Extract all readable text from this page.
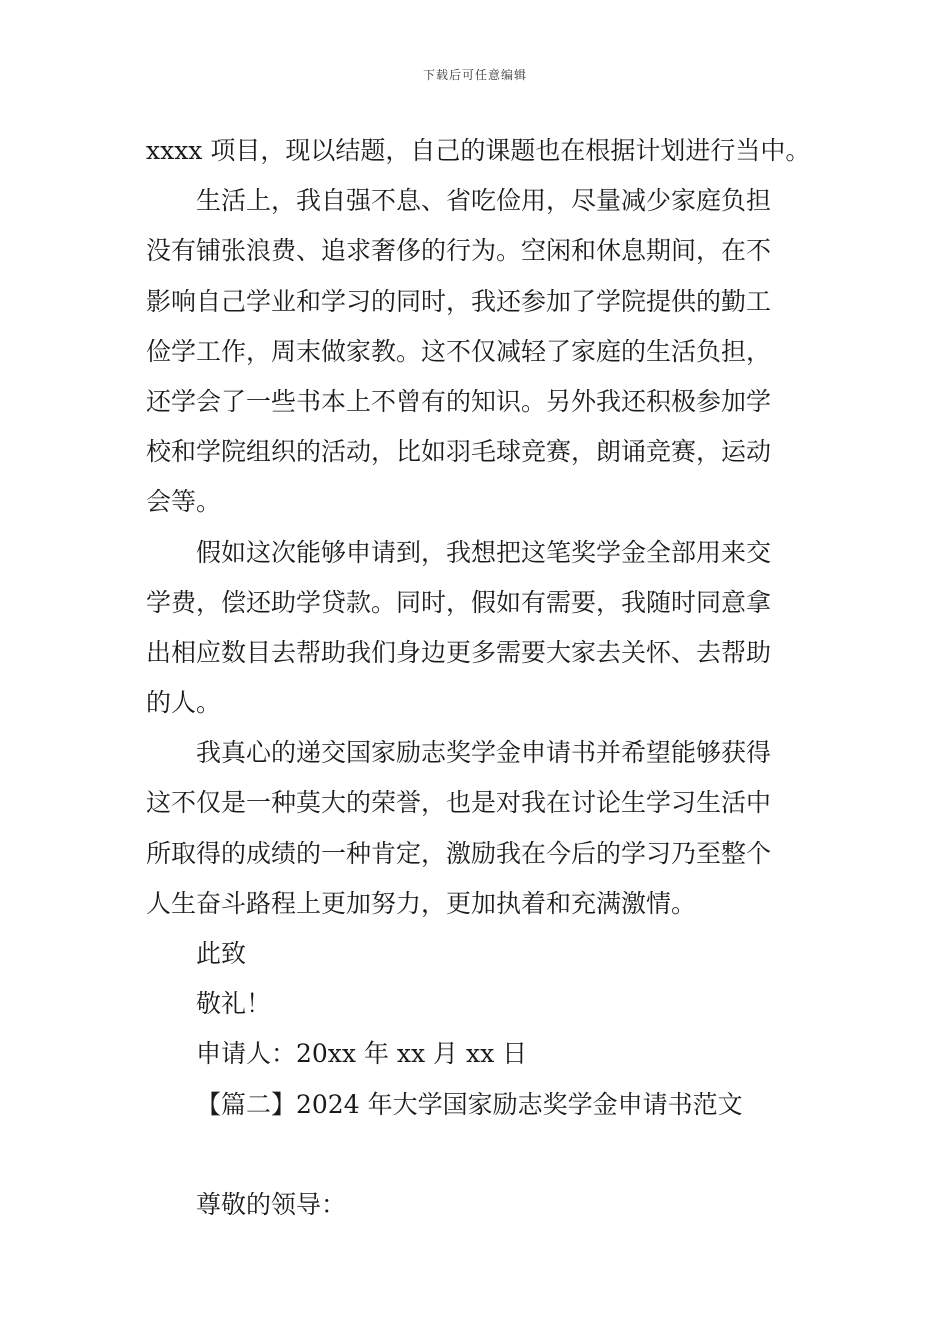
下载后可任意编辑
xxxx 项目，现以结题，自己的课题也在根据计划进行当中。
生活上，我自强不息、省吃俭用，尽量减少家庭负担
没有铺张浪费、追求奢侈的行为。空闲和休息期间，在不
影响自己学业和学习的同时，我还参加了学院提供的勤工
俭学工作，周末做家教。这不仅减轻了家庭的生活负担，
还学会了一些书本上不曾有的知识。另外我还积极参加学
校和学院组织的活动，比如羽毛球竞赛，朗诵竞赛，运动
会等。
假如这次能够申请到，我想把这笔奖学金全部用来交
学费，偿还助学贷款。同时，假如有需要，我随时同意拿
出相应数目去帮助我们身边更多需要大家去关怀、去帮助
的人。
我真心的递交国家励志奖学金申请书并希望能够获得
这不仅是一种莫大的荣誉，也是对我在讨论生学习生活中
所取得的成绩的一种肯定，激励我在今后的学习乃至整个
人生奋斗路程上更加努力，更加执着和充满激情。
此致
敬礼！
申请人：20xx 年 xx 月 xx 日
【篇二】2024 年大学国家励志奖学金申请书范文
尊敬的领导：
